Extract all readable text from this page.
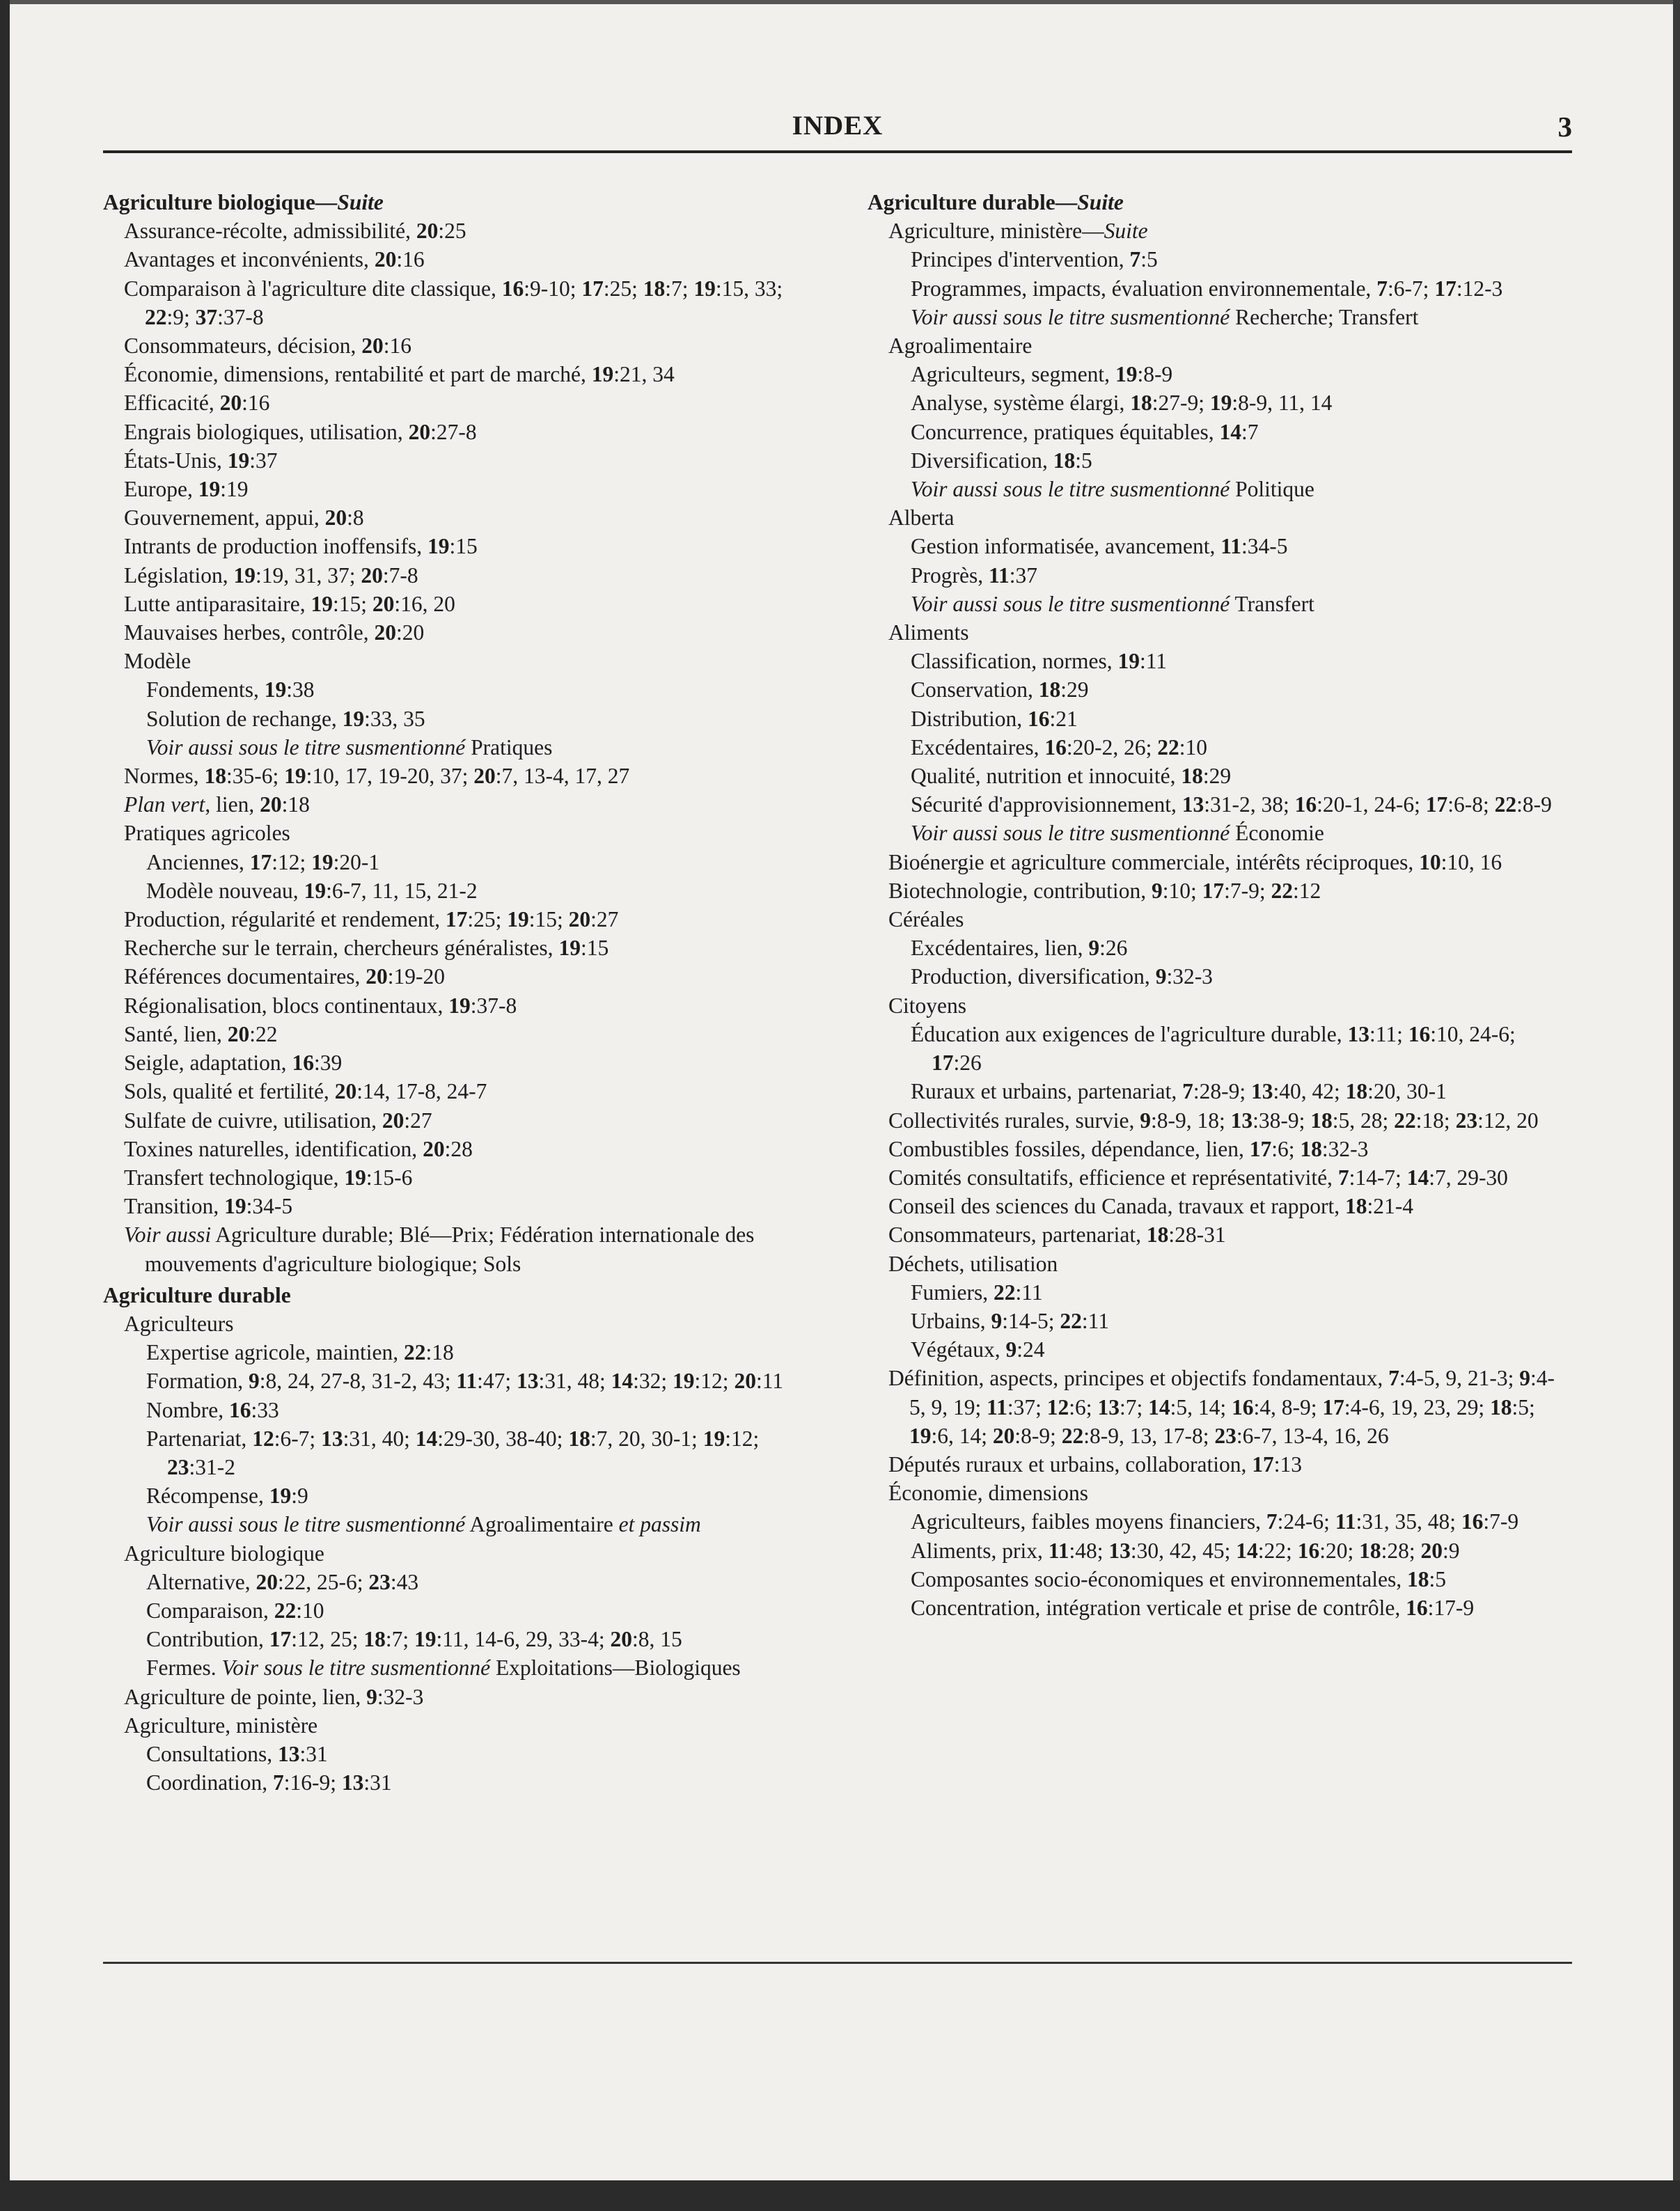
INDEX	3
Agriculture biologique—Suite
Assurance-récolte, admissibilité, 20:25
Avantages et inconvénients, 20:16
Comparaison à l'agriculture dite classique, 16:9-10; 17:25; 18:7; 19:15, 33; 22:9; 37:37-8
Consommateurs, décision, 20:16
Économie, dimensions, rentabilité et part de marché, 19:21, 34
Efficacité, 20:16
Engrais biologiques, utilisation, 20:27-8
États-Unis, 19:37
Europe, 19:19
Gouvernement, appui, 20:8
Intrants de production inoffensifs, 19:15
Législation, 19:19, 31, 37; 20:7-8
Lutte antiparasitaire, 19:15; 20:16, 20
Mauvaises herbes, contrôle, 20:20
Modèle
Fondements, 19:38
Solution de rechange, 19:33, 35
Voir aussi sous le titre susmentionné Pratiques
Normes, 18:35-6; 19:10, 17, 19-20, 37; 20:7, 13-4, 17, 27
Plan vert, lien, 20:18
Pratiques agricoles
Anciennes, 17:12; 19:20-1
Modèle nouveau, 19:6-7, 11, 15, 21-2
Production, régularité et rendement, 17:25; 19:15; 20:27
Recherche sur le terrain, chercheurs généralistes, 19:15
Références documentaires, 20:19-20
Régionalisation, blocs continentaux, 19:37-8
Santé, lien, 20:22
Seigle, adaptation, 16:39
Sols, qualité et fertilité, 20:14, 17-8, 24-7
Sulfate de cuivre, utilisation, 20:27
Toxines naturelles, identification, 20:28
Transfert technologique, 19:15-6
Transition, 19:34-5
Voir aussi Agriculture durable; Blé—Prix; Fédération internationale des mouvements d'agriculture biologique; Sols
Agriculture durable
Agriculteurs
Expertise agricole, maintien, 22:18
Formation, 9:8, 24, 27-8, 31-2, 43; 11:47; 13:31, 48; 14:32; 19:12; 20:11
Nombre, 16:33
Partenariat, 12:6-7; 13:31, 40; 14:29-30, 38-40; 18:7, 20, 30-1; 19:12; 23:31-2
Récompense, 19:9
Voir aussi sous le titre susmentionné Agroalimentaire et passim
Agriculture biologique
Alternative, 20:22, 25-6; 23:43
Comparaison, 22:10
Contribution, 17:12, 25; 18:7; 19:11, 14-6, 29, 33-4; 20:8, 15
Fermes. Voir sous le titre susmentionné Exploitations—Biologiques
Agriculture de pointe, lien, 9:32-3
Agriculture, ministère
Consultations, 13:31
Coordination, 7:16-9; 13:31
Agriculture durable—Suite
Agriculture, ministère—Suite
Principes d'intervention, 7:5
Programmes, impacts, évaluation environnementale, 7:6-7; 17:12-3
Voir aussi sous le titre susmentionné Recherche; Transfert
Agroalimentaire
Agriculteurs, segment, 19:8-9
Analyse, système élargi, 18:27-9; 19:8-9, 11, 14
Concurrence, pratiques équitables, 14:7
Diversification, 18:5
Voir aussi sous le titre susmentionné Politique
Alberta
Gestion informatisée, avancement, 11:34-5
Progrès, 11:37
Voir aussi sous le titre susmentionné Transfert
Aliments
Classification, normes, 19:11
Conservation, 18:29
Distribution, 16:21
Excédentaires, 16:20-2, 26; 22:10
Qualité, nutrition et innocuité, 18:29
Sécurité d'approvisionnement, 13:31-2, 38; 16:20-1, 24-6; 17:6-8; 22:8-9
Voir aussi sous le titre susmentionné Économie
Bioénergie et agriculture commerciale, intérêts réciproques, 10:10, 16
Biotechnologie, contribution, 9:10; 17:7-9; 22:12
Céréales
Excédentaires, lien, 9:26
Production, diversification, 9:32-3
Citoyens
Éducation aux exigences de l'agriculture durable, 13:11; 16:10, 24-6; 17:26
Ruraux et urbains, partenariat, 7:28-9; 13:40, 42; 18:20, 30-1
Collectivités rurales, survie, 9:8-9, 18; 13:38-9; 18:5, 28; 22:18; 23:12, 20
Combustibles fossiles, dépendance, lien, 17:6; 18:32-3
Comités consultatifs, efficience et représentativité, 7:14-7; 14:7, 29-30
Conseil des sciences du Canada, travaux et rapport, 18:21-4
Consommateurs, partenariat, 18:28-31
Déchets, utilisation
Fumiers, 22:11
Urbains, 9:14-5; 22:11
Végétaux, 9:24
Définition, aspects, principes et objectifs fondamentaux, 7:4-5, 9, 21-3; 9:4-5, 9, 19; 11:37; 12:6; 13:7; 14:5, 14; 16:4, 8-9; 17:4-6, 19, 23, 29; 18:5; 19:6, 14; 20:8-9; 22:8-9, 13, 17-8; 23:6-7, 13-4, 16, 26
Députés ruraux et urbains, collaboration, 17:13
Économie, dimensions
Agriculteurs, faibles moyens financiers, 7:24-6; 11:31, 35, 48; 16:7-9
Aliments, prix, 11:48; 13:30, 42, 45; 14:22; 16:20; 18:28; 20:9
Composantes socio-économiques et environnementales, 18:5
Concentration, intégration verticale et prise de contrôle, 16:17-9
